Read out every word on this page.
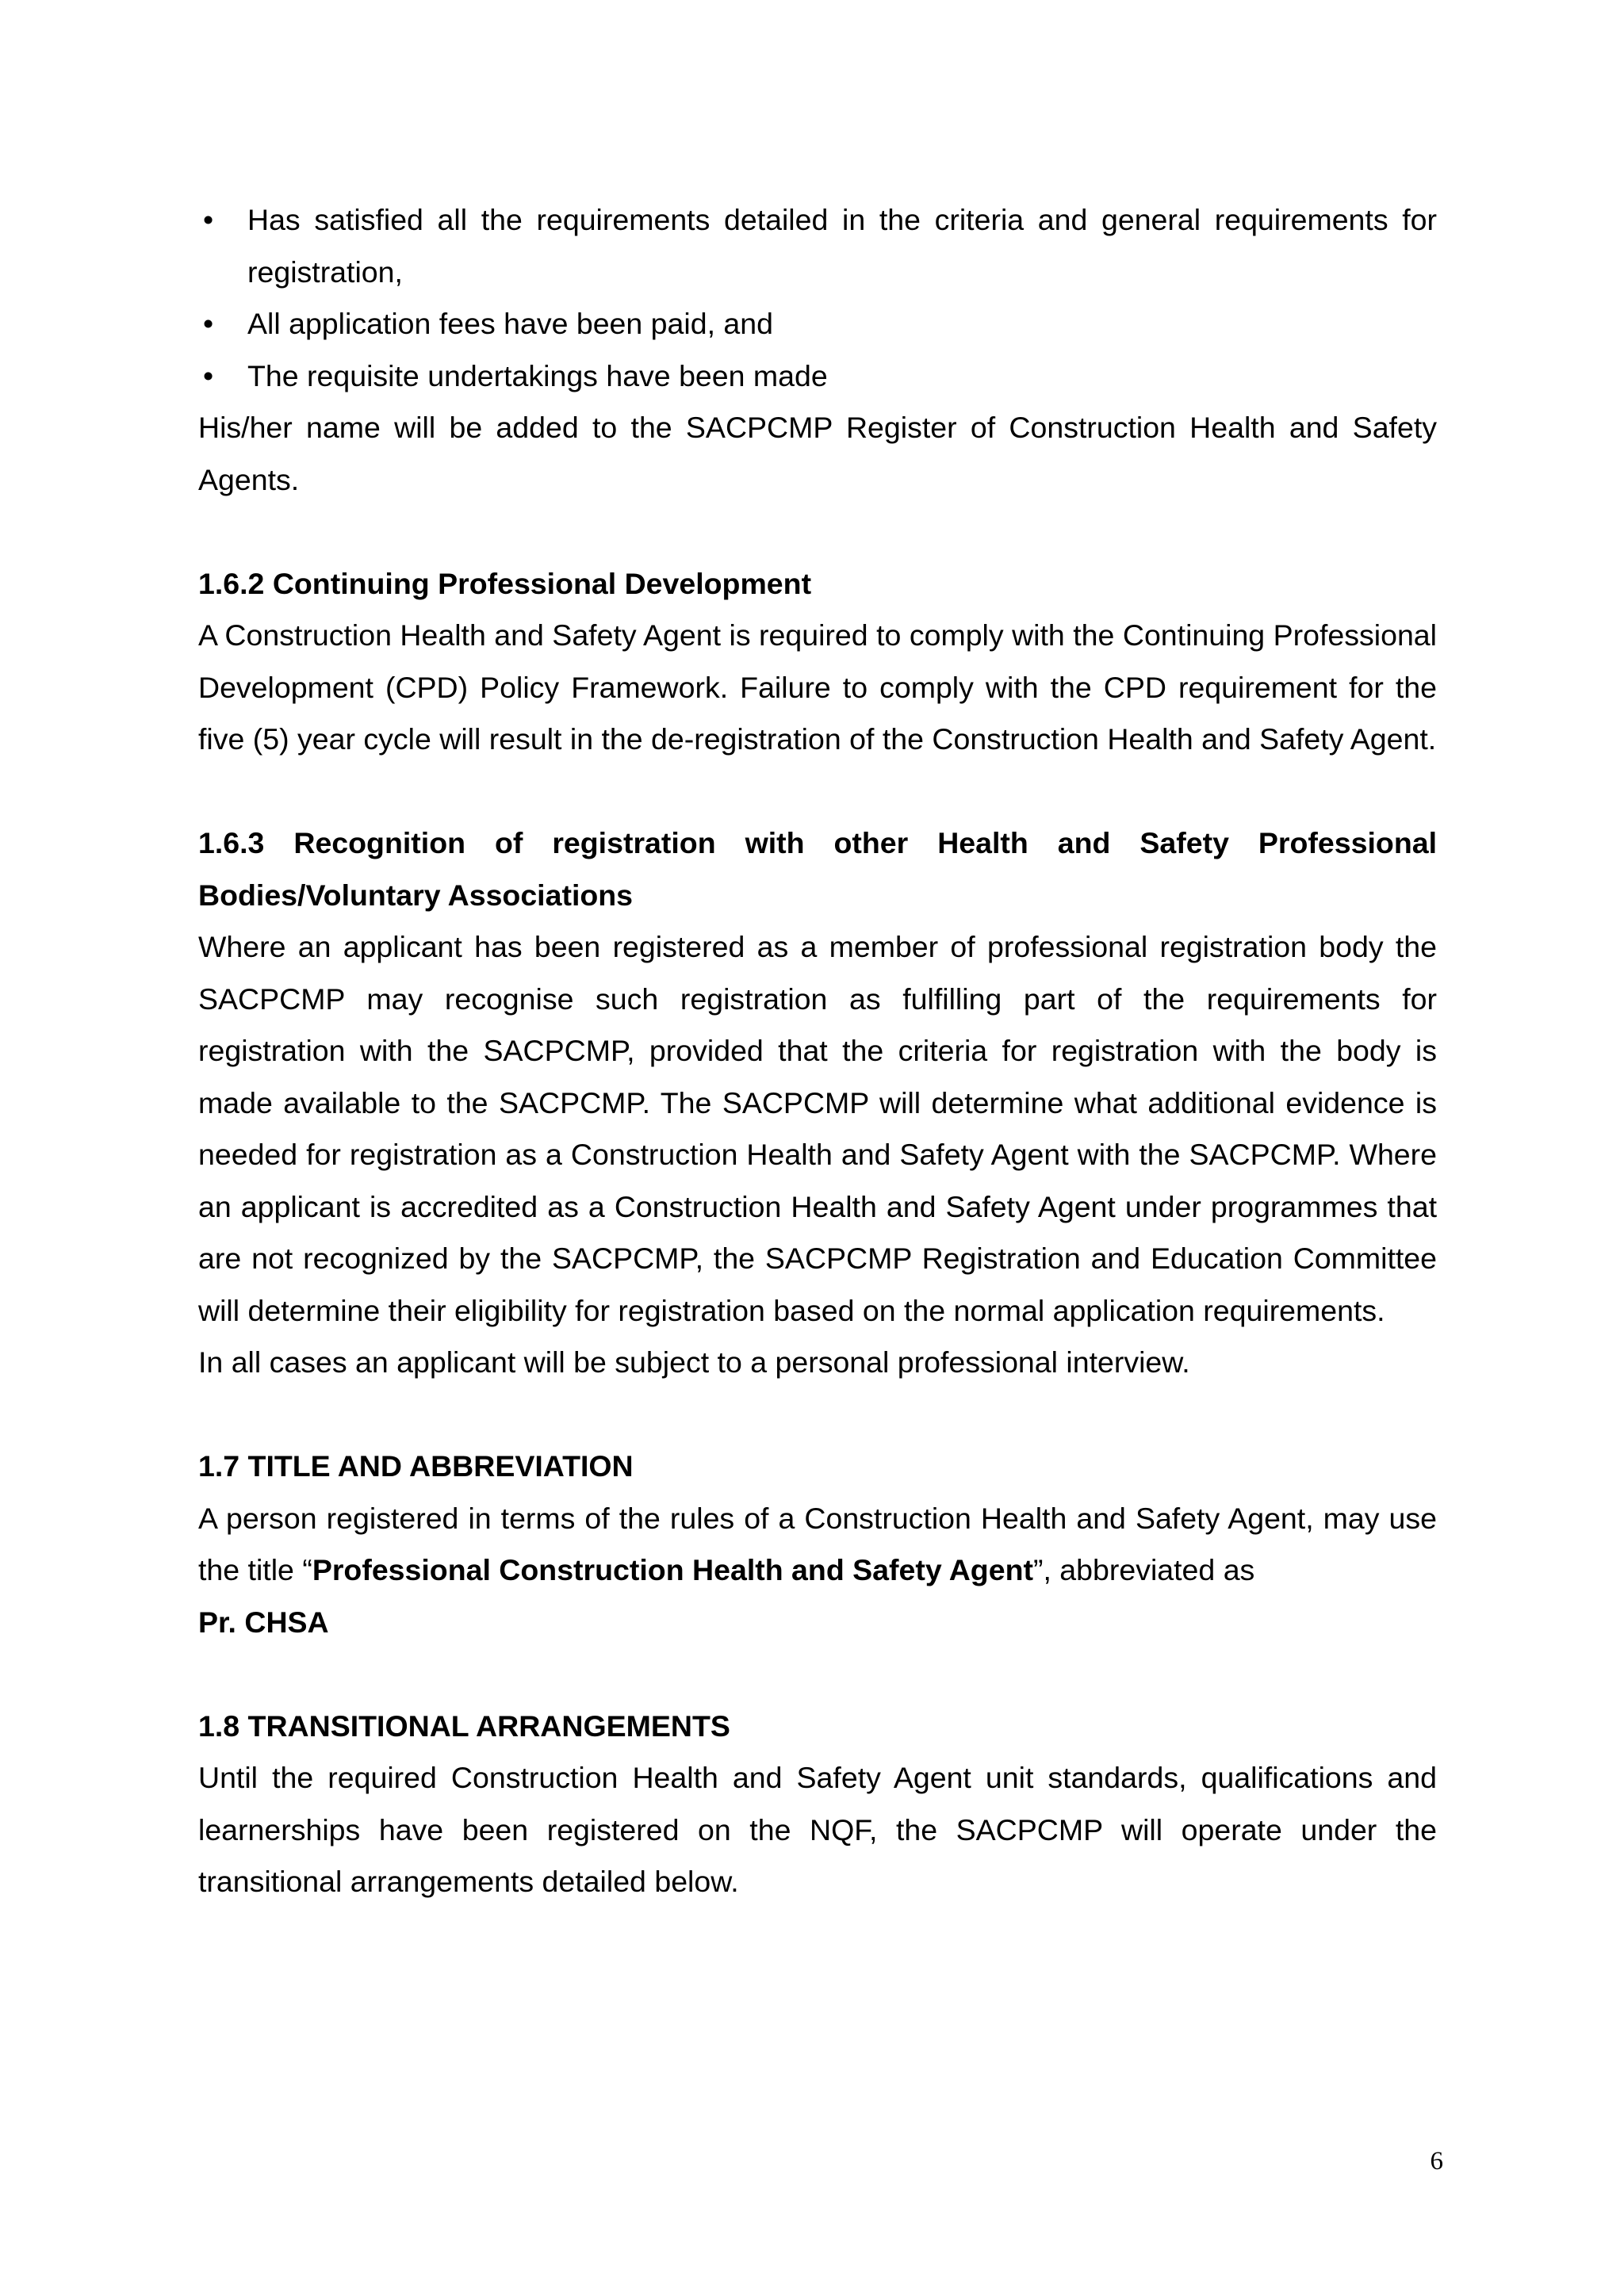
• Has satisfied all the requirements detailed in the criteria and general requirements for registration,
• All application fees have been paid, and
• The requisite undertakings have been made

His/her name will be added to the SACPCMP Register of Construction Health and Safety Agents.

1.6.2 Continuing Professional Development

A Construction Health and Safety Agent is required to comply with the Continuing Professional Development (CPD) Policy Framework. Failure to comply with the CPD requirement for the five (5) year cycle will result in the de-registration of the Construction Health and Safety Agent.

1.6.3 Recognition of registration with other Health and Safety Professional Bodies/Voluntary Associations

Where an applicant has been registered as a member of professional registration body the SACPCMP may recognise such registration as fulfilling part of the requirements for registration with the SACPCMP, provided that the criteria for registration with the body is made available to the SACPCMP. The SACPCMP will determine what additional evidence is needed for registration as a Construction Health and Safety Agent with the SACPCMP. Where an applicant is accredited as a Construction Health and Safety Agent under programmes that are not recognized by the SACPCMP, the SACPCMP Registration and Education Committee will determine their eligibility for registration based on the normal application requirements.

In all cases an applicant will be subject to a personal professional interview.

1.7 TITLE AND ABBREVIATION

A person registered in terms of the rules of a Construction Health and Safety Agent, may use the title “Professional Construction Health and Safety Agent”, abbreviated as

Pr. CHSA

1.8 TRANSITIONAL ARRANGEMENTS

Until the required Construction Health and Safety Agent unit standards, qualifications and learnerships have been registered on the NQF, the SACPCMP will operate under the transitional arrangements detailed below.

6
